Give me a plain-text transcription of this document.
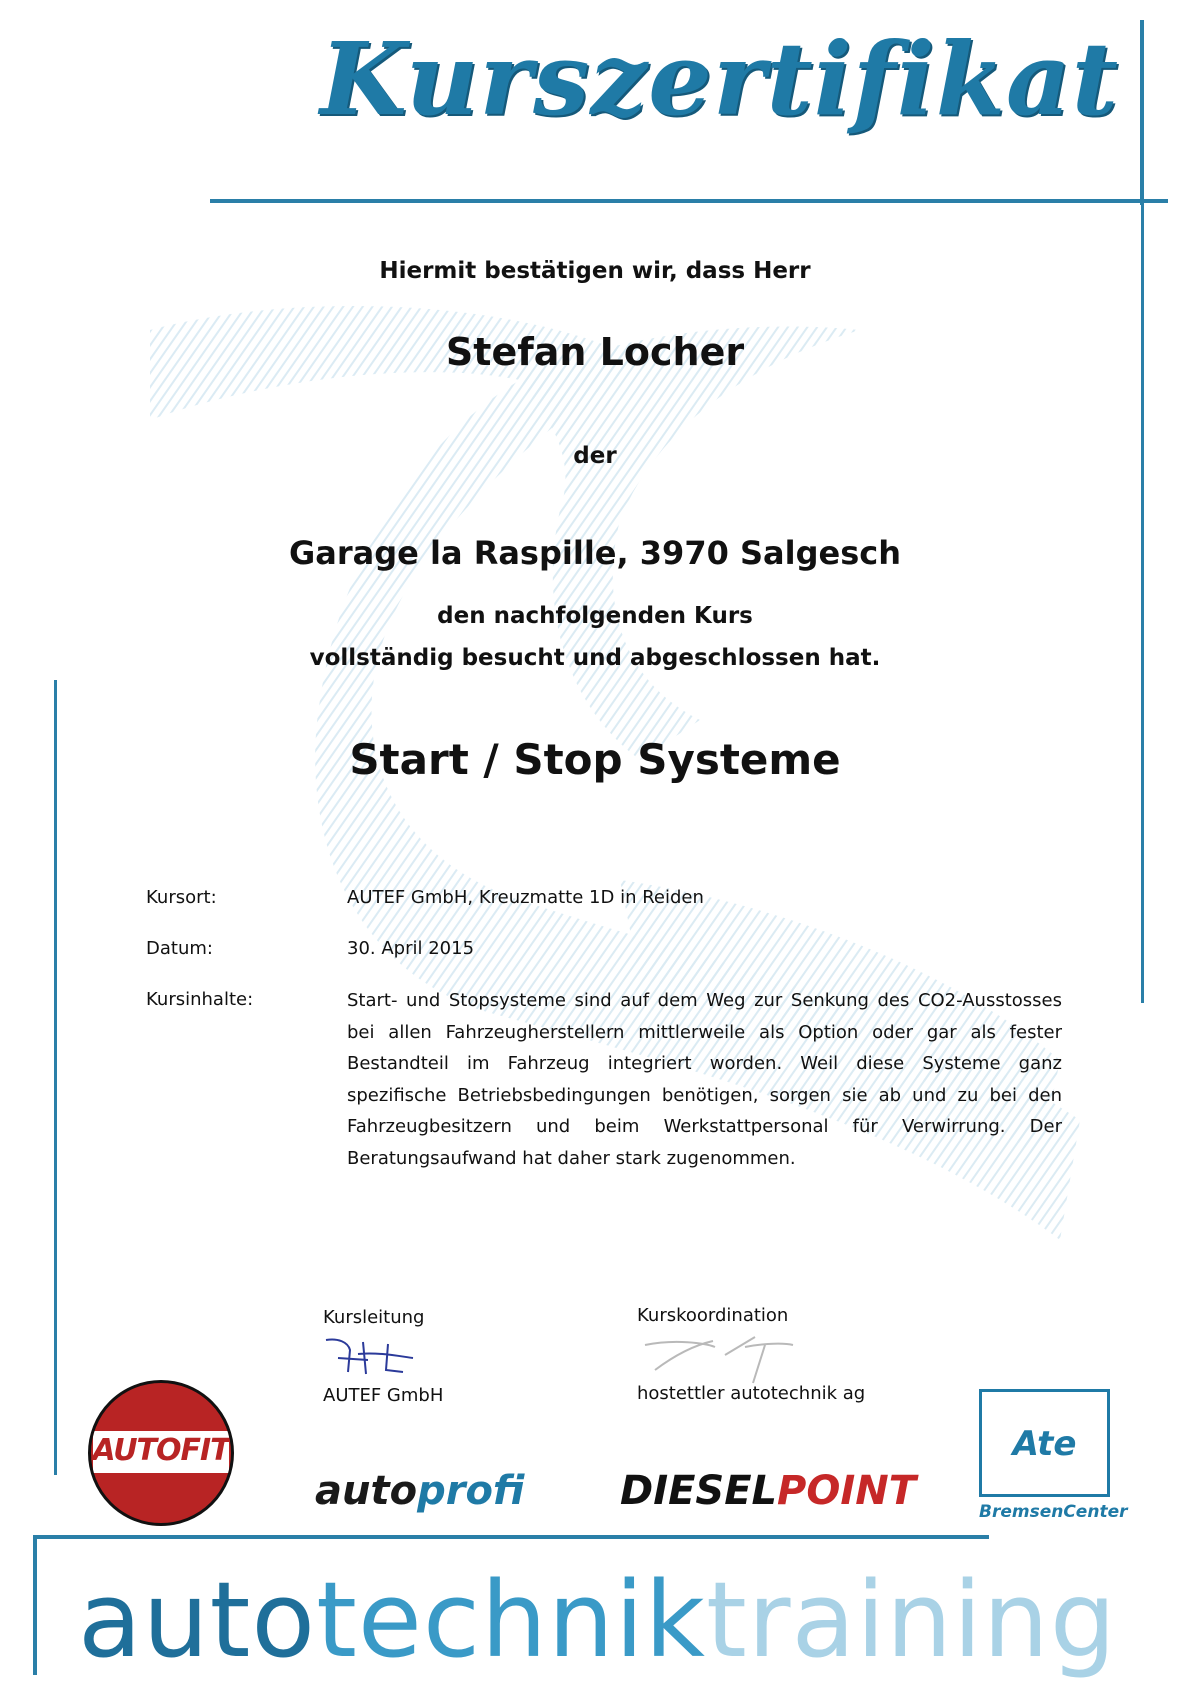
Kurszertifikat
Hiermit bestätigen wir, dass Herr
Stefan Locher
der
Garage la Raspille, 3970 Salgesch
den nachfolgenden Kurs
vollständig besucht und abgeschlossen hat.
Start / Stop Systeme
Kursort:	AUTEF GmbH, Kreuzmatte 1D in Reiden
Datum:	30. April 2015
Kursinhalte:	Start- und Stopsysteme sind auf dem Weg zur Senkung des CO2-Ausstosses bei allen Fahrzeugherstellern mittlerweile als Option oder gar als fester Bestandteil im Fahrzeug integriert worden. Weil diese Systeme ganz spezifische Betriebsbedingungen benötigen, sorgen sie ab und zu bei den Fahrzeugbesitzern und beim Werkstattpersonal für Verwirrung. Der Beratungsaufwand hat daher stark zugenommen.
Kursleitung
AUTEF GmbH
Kurskoordination
hostettler autotechnik ag
AUTOFIT
autoprofi DIESELPOINT
Ate
BremsenCenter
autotechniktraining
